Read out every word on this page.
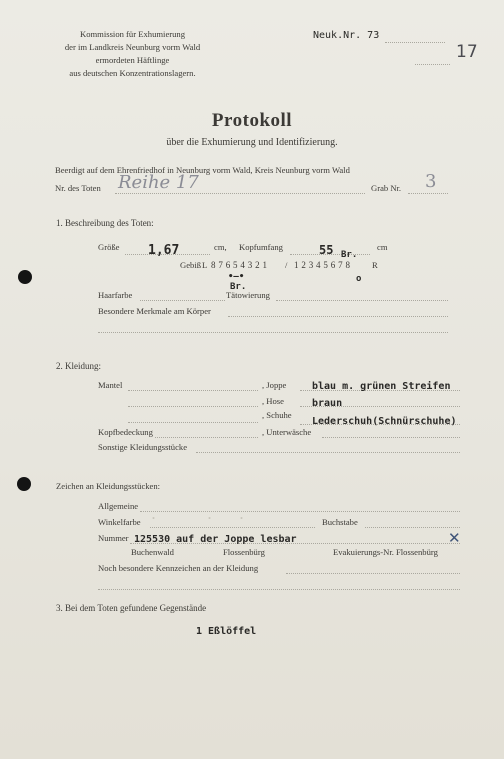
Kommission für Exhumierung
der im Landkreis Neunburg vorm Wald
ermordeten Häftlinge
aus deutschen Konzentrationslagern.
Neuk.Nr. 73
17
Protokoll
über die Exhumierung und Identifizierung.
Beerdigt auf dem Ehrenfriedhof in Neunburg vorm Wald, Kreis Neunburg vorm Wald
Nr. des Toten Reihe 17	Grab Nr. 3
1. Beschreibung des Toten:
Größe 1,67	cm, Kopfumfang	55 Br.
cm
Gebiß L 8 7 6 5 4 3 2 1 / 1 2 3 4 5 6 7 8	R
•—•	o
Haarfarbe
Br.
Tätowierung
Besondere Merkmale am Körper
2. Kleidung:
Mantel	, Joppe	blau m. grünen Streifen
, Hose	braun
, Schuhe
Lederschuh(Schnürschuhe)
Kopfbedeckung	, Unterwäsche
Sonstige Kleidungsstücke
Zeichen an Kleidungsstücken:
Allgemeine
Winkelfarbe •	•	•	Buchstabe
Nummer 125530 auf der Joppe lesbar	✕
Buchenwald	Flossenbürg	Evakuierungs-Nr. Flossenbürg
Noch besondere Kennzeichen an der Kleidung
3. Bei dem Toten gefundene Gegenstände
1 Eßlöffel
